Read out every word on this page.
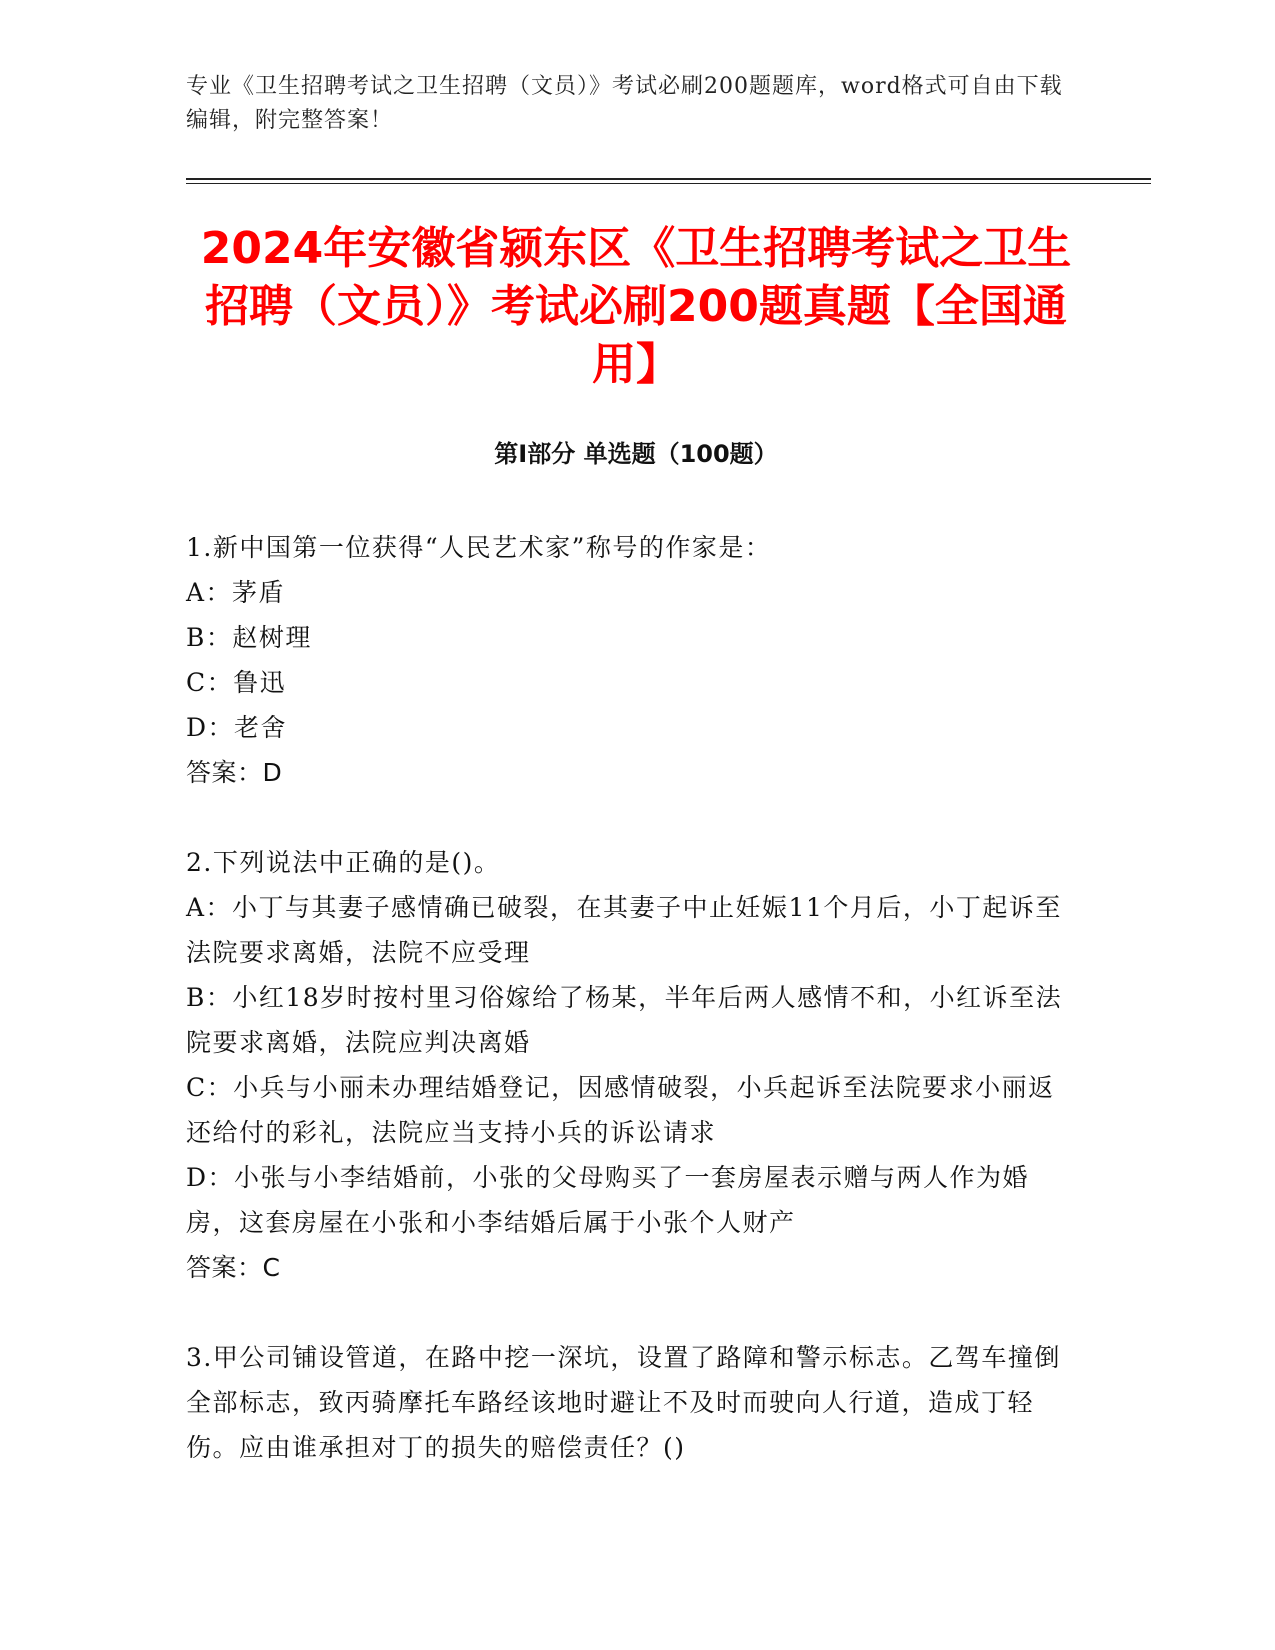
专业《卫生招聘考试之卫生招聘（文员）》考试必刷200题题库，word格式可自由下载编辑，附完整答案！
2024年安徽省颍东区《卫生招聘考试之卫生招聘（文员）》考试必刷200题真题【全国通用】
第I部分 单选题（100题）
1.新中国第一位获得“人民艺术家”称号的作家是：
A：茅盾
B：赵树理
C：鲁迅
D：老舍
答案：D
2.下列说法中正确的是()。
A：小丁与其妻子感情确已破裂，在其妻子中止妊娠11个月后，小丁起诉至法院要求离婚，法院不应受理
B：小红18岁时按村里习俗嫁给了杨某，半年后两人感情不和，小红诉至法院要求离婚，法院应判决离婚
C：小兵与小丽未办理结婚登记，因感情破裂，小兵起诉至法院要求小丽返还给付的彩礼，法院应当支持小兵的诉讼请求
D：小张与小李结婚前，小张的父母购买了一套房屋表示赠与两人作为婚房，这套房屋在小张和小李结婚后属于小张个人财产
答案：C
3.甲公司铺设管道，在路中挖一深坑，设置了路障和警示标志。乙驾车撞倒全部标志，致丙骑摩托车路经该地时避让不及时而驶向人行道，造成丁轻伤。应由谁承担对丁的损失的赔偿责任？()
